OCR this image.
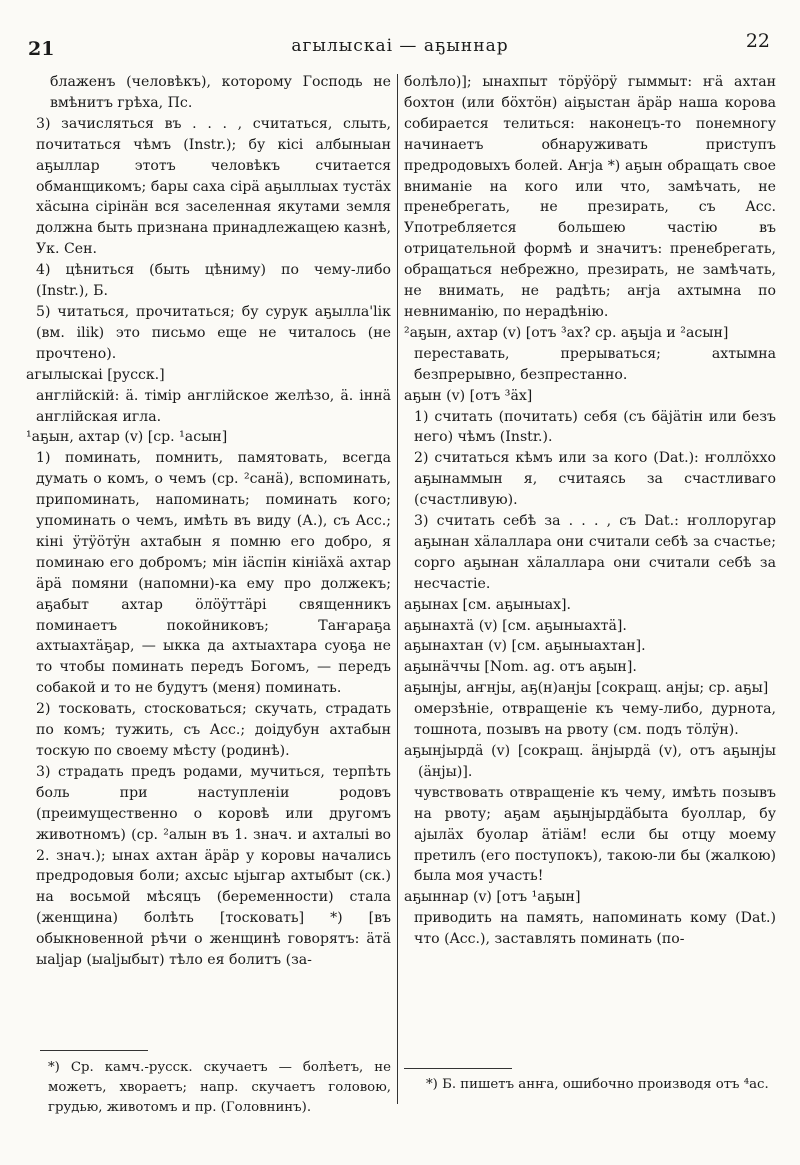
21	агылыскаі — аҕыннар	22

блаженъ (человѣкъ), которому Господь не вмѣнитъ грѣха, Пс.

3) зачисляться въ . . . , считаться, слыть, почитаться чѣмъ (Instr.); бу кісі албыныан аҕыллар этотъ человѣкъ считается обманщикомъ; бары саха сірä аҕыллыах тустäх хäсына сірінäн вся заселенная якутами земля должна быть признана принадлежащею казнѣ, Ук. Сен.

4) цѣниться (быть цѣниму) по чему-либо (Instr.), Б.

5) читаться, прочитаться; бу сурук аҕылла'lік (вм. ilik) это письмо еще не читалось (не прочтено).

агылыскаі [русск.]

англійскій: ä. тімір англійское желѣзо, ä. іннä англійская игла.

¹аҕын, ахтар (v) [ср. ¹асын]

1) поминать, помнить, памятовать, всегда думать о комъ, о чемъ (ср. ²санä), вспоминать, припоминать, напоминать; поминать кого; упоминать о чемъ, имѣть въ виду (А.), съ Acc.; кіні ÿтÿöтÿн ахтабын я помню его добро, я поминаю его добромъ; мін іäспін кініäхä ахтар äрä помяни (напомни)-ка ему про должекъ; аҕабыт ахтар öлöÿттäрі священникъ поминаетъ покойниковъ; Таҥараҕа ахтыахтäҕар, — ыкка да ахтыахтара суоҕа не то чтобы поминать передъ Богомъ, — передъ собакой и то не будутъ (меня) поминать.

2) тосковать, стосковаться; скучать, страдать по комъ; тужить, съ Acc.; доідубун ахтабын тоскую по своему мѣсту (родинѣ).

3) страдать предъ родами, мучиться, терпѣть боль при наступленіи родовъ (преимущественно о коровѣ или другомъ животномъ) (ср. ²алын въ 1. знач. и ахталыі во 2. знач.); ынах ахтан äрäр у коровы начались предродовыя боли; ахсыс ыјыгар ахтыбыт (ск.) на восьмой мѣсяцъ (беременности) стала (женщина) болѣть [тосковать] *) [въ обыкновенной рѣчи о женщинѣ говорятъ: äтä ыаlјар (ыаlјыбыт) тѣло ея болитъ (за-

болѣло)]; ынахпыт тöрÿöрÿ гыммыт: ҥä ахтан бохтон (или бöхтöн) аіҕыстан äрäр наша корова собирается телиться: наконецъ-то понемногу начинаетъ обнаруживать приступъ предродовыхъ болей. Аҥја *) аҕын обращать свое вниманіе на кого или что, замѣчать, не пренебрегать, не презирать, съ Acc. Употребляется большею частію въ отрицательной формѣ и значитъ: пренебрегать, обращаться небрежно, презирать, не замѣчать, не внимать, не радѣть; аҥја ахтымна по невниманію, по нерадѣнію.

²аҕын, ахтар (v) [отъ ³ах? ср. аҕыја и ²асын]

переставать, прерываться; ахтымна безпрерывно, безпрестанно.

аҕын (v) [отъ ³äх]

1) считать (почитать) себя (съ бäјäтін или безъ него) чѣмъ (Instr.).

2) считаться кѣмъ или за кого (Dat.): ҥоллöххо аҕынаммын я, считаясь за счастливаго (счастливую).

3) считать себѣ за . . . , съ Dat.: ҥоллоругар аҕынан хäлаллара они считали себѣ за счастье; сорго аҕынан хäлаллара они считали себѣ за несчастіе.

аҕынах [см. аҕыныах].

аҕынахтä (v) [см. аҕыныахтä].

аҕынахтан (v) [см. аҕыныахтан].

аҕынäччы [Nom. ag. отъ аҕын].

аҕынјы, аҥнјы, аҕ(н)анјы [сокращ. анјы; ср. аҕы]

омерзѣніе, отвращеніе къ чему-либо, дурнота, тошнота, позывъ на рвоту (см. подъ тöлÿн).

аҕынјырдä (v) [сокращ. äнјырдä (v), отъ аҕынјы (äнјы)].

чувствовать отвращеніе къ чему, имѣть позывъ на рвоту; аҕам аҕынјырдäбыта буоллар, бу аjылäх буолар äтіäм! если бы отцу моему претилъ (его поступокъ), такою-ли бы (жалкою) была моя участь!

аҕыннар (v) [отъ ¹аҕын]

приводить на память, напоминать кому (Dat.) что (Acc.), заставлять поминать (по-

*) Ср. камч.-русск. скучаетъ — болѣетъ, не можетъ, хвораетъ; напр. скучаетъ головою, грудью, животомъ и пр. (Головнинъ).

*) Б. пишетъ анҥа, ошибочно производя отъ ⁴ас.
